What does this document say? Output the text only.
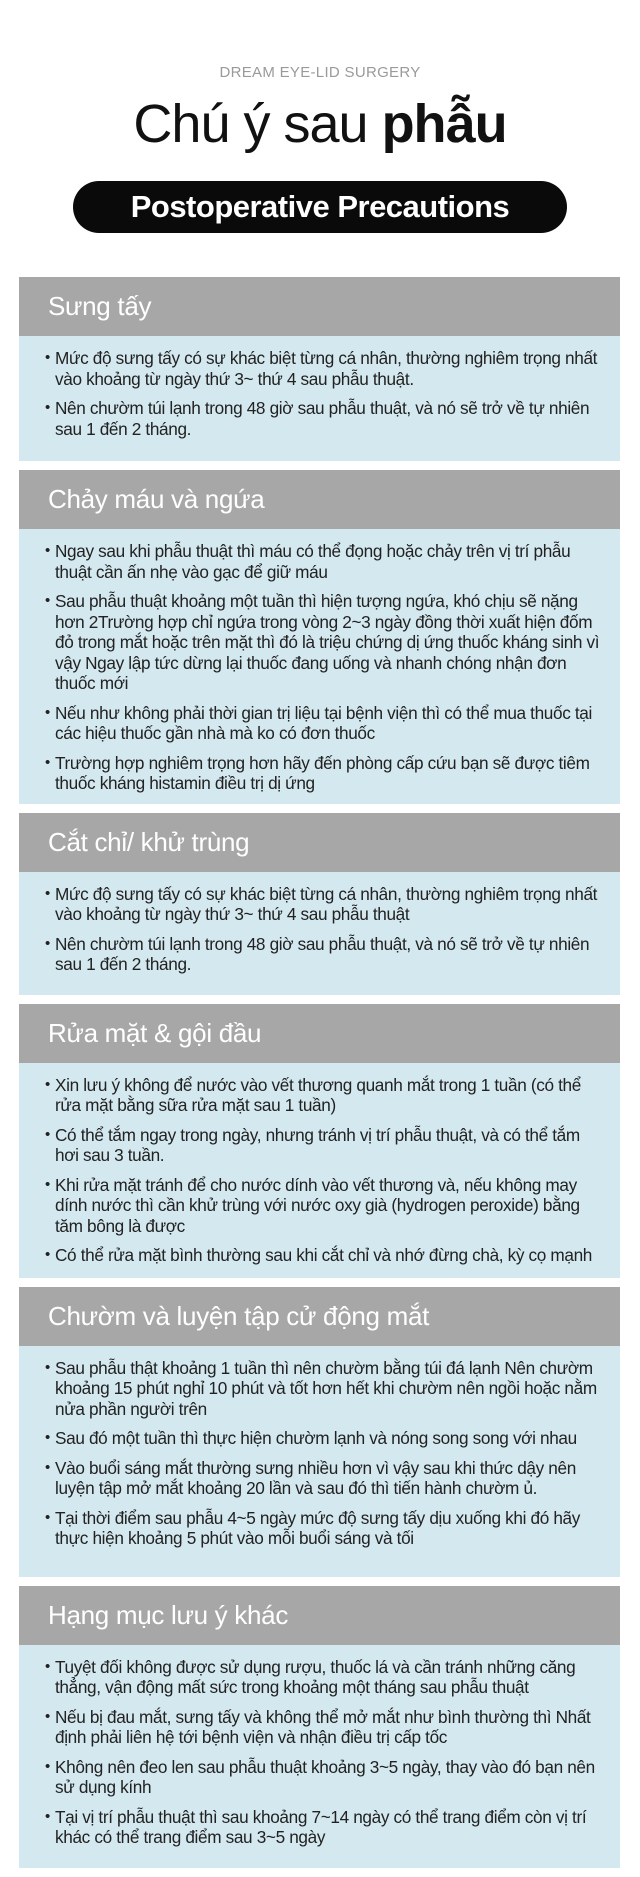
DREAM EYE-LID SURGERY
Chú ý sau phẫu
Postoperative Precautions
Sưng tấy
• Mức độ sưng tấy có sự khác biệt từng cá nhân, thường nghiêm trọng nhất vào khoảng từ ngày thứ 3~ thứ 4 sau phẫu thuật.
• Nên chườm túi lạnh trong 48 giờ sau phẫu thuật, và nó sẽ trở về tự nhiên sau 1 đến 2 tháng.
Chảy máu và ngứa
• Ngay sau khi phẫu thuật thì máu có thể đọng hoặc chảy trên vị trí phẫu thuật cần ấn nhẹ vào gạc để giữ máu
• Sau phẫu thuật khoảng một tuần thì hiện tượng ngứa, khó chịu sẽ nặng hơn 2Trường hợp chỉ ngứa trong vòng 2~3 ngày đồng thời xuất hiện đốm đỏ trong mắt hoặc trên mặt thì đó là triệu chứng dị ứng thuốc kháng sinh vì vậy Ngay lập tức dừng lại thuốc đang uống và nhanh chóng nhận đơn thuốc mới
• Nếu như không phải thời gian trị liệu tại bệnh viện thì có thể mua thuốc tại các hiệu thuốc gần nhà mà ko có đơn thuốc
• Trường hợp nghiêm trọng hơn hãy đến phòng cấp cứu bạn sẽ được tiêm thuốc kháng histamin điều trị dị ứng
Cắt chỉ/ khử trùng
• Mức độ sưng tấy có sự khác biệt từng cá nhân, thường nghiêm trọng nhất vào khoảng từ ngày thứ 3~ thứ 4 sau phẫu thuật
• Nên chườm túi lạnh trong 48 giờ sau phẫu thuật, và nó sẽ trở về tự nhiên sau 1 đến 2 tháng.
Rửa mặt & gội đầu
• Xin lưu ý không để nước vào vết thương quanh mắt trong 1 tuần (có thể rửa mặt bằng sữa rửa mặt sau 1 tuần)
• Có thể tắm ngay trong ngày, nhưng tránh vị trí phẫu thuật, và có thể tắm hơi sau 3 tuần.
• Khi rửa mặt tránh để cho nước dính vào vết thương và, nếu không may dính nước thì cần khử trùng với nước oxy già (hydrogen peroxide) bằng tăm bông là được
• Có thể rửa mặt bình thường sau khi cắt chỉ và nhớ đừng chà, kỳ cọ mạnh
Chườm và luyện tập cử động mắt
• Sau phẫu thật khoảng 1 tuần thì nên chườm bằng túi đá lạnh Nên chườm khoảng 15 phút nghỉ 10 phút và tốt hơn hết khi chườm nên ngồi hoặc nằm nửa phần người trên
• Sau đó một tuần thì thực hiện chườm lạnh và nóng song song với nhau
• Vào buổi sáng mắt thường sưng nhiều hơn vì vậy sau khi thức dậy nên luyện tập mở mắt khoảng 20 lần và sau đó thì tiến hành chườm ủ.
• Tại thời điểm sau phẫu 4~5 ngày mức độ sưng tấy dịu xuống khi đó hãy thực hiện khoảng 5 phút vào mỗi buổi sáng và tối
Hạng mục lưu ý khác
• Tuyệt đối không được sử dụng rượu, thuốc lá và cần tránh những căng thẳng, vận động mất sức trong khoảng một tháng sau phẫu thuật
• Nếu bị đau mắt, sưng tấy và không thể mở mắt như bình thường thì Nhất định phải liên hệ tới bệnh viện và nhận điều trị cấp tốc
• Không nên đeo len sau phẫu thuật khoảng 3~5 ngày, thay vào đó bạn nên sử dụng kính
• Tại vị trí phẫu thuật thì sau khoảng 7~14 ngày có thể trang điểm còn vị trí khác có thể trang điểm sau 3~5 ngày
